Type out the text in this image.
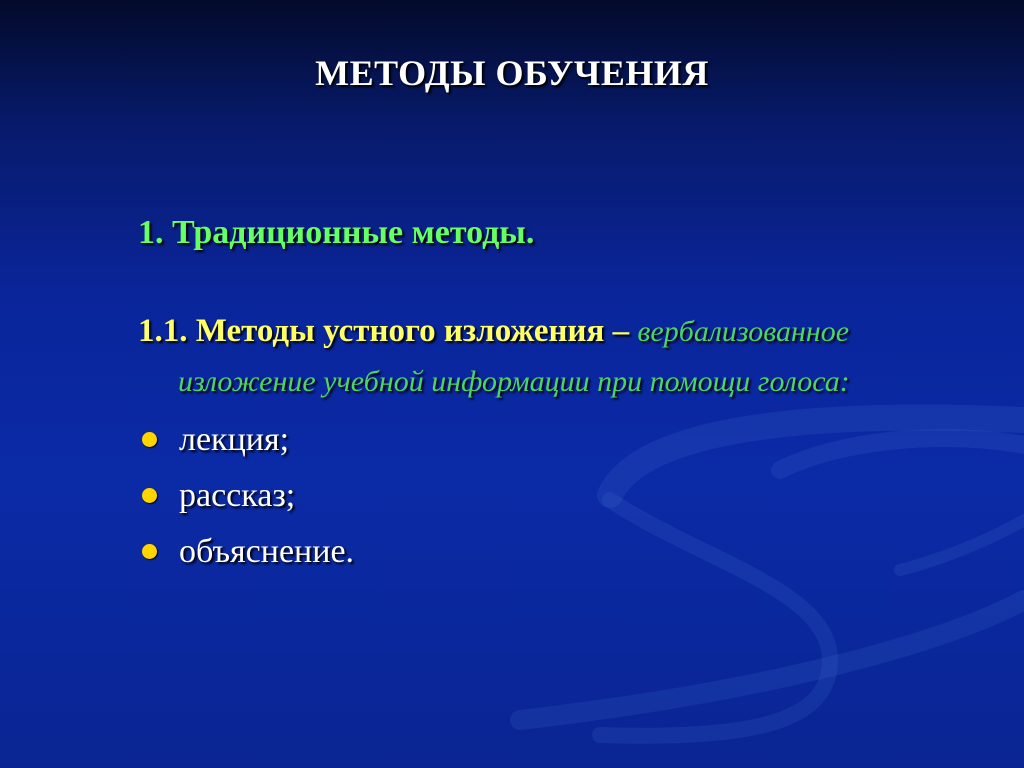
МЕТОДЫ ОБУЧЕНИЯ

1. Традиционные методы.

1.1. Методы устного изложения – вербализованное
изложение учебной информации при помощи голоса:

лекция;
рассказ;
объяснение.
